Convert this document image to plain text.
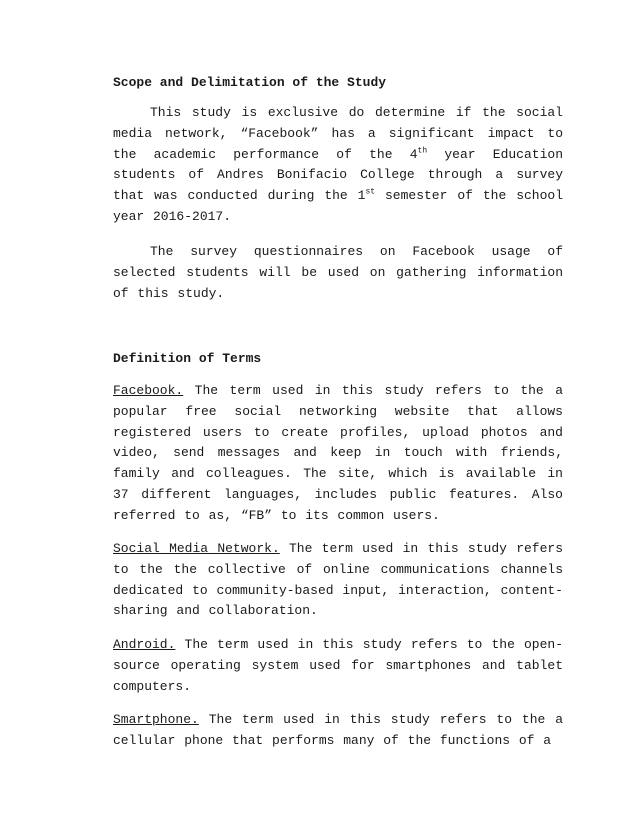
Scope and Delimitation of the Study

This study is exclusive do determine if the social media network, “Facebook” has a significant impact to the academic performance of the 4th year Education students of Andres Bonifacio College through a survey that was conducted during the 1st semester of the school year 2016-2017.

The survey questionnaires on Facebook usage of selected students will be used on gathering information of this study.

Definition of Terms

Facebook. The term used in this study refers to the a popular free social networking website that allows registered users to create profiles, upload photos and video, send messages and keep in touch with friends, family and colleagues. The site, which is available in 37 different languages, includes public features. Also referred to as, “FB” to its common users.

Social Media Network. The term used in this study refers to the the collective of online communications channels dedicated to community-based input, interaction, content-sharing and collaboration.

Android. The term used in this study refers to the open-source operating system used for smartphones and tablet computers.

Smartphone. The term used in this study refers to the a cellular phone that performs many of the functions of a
